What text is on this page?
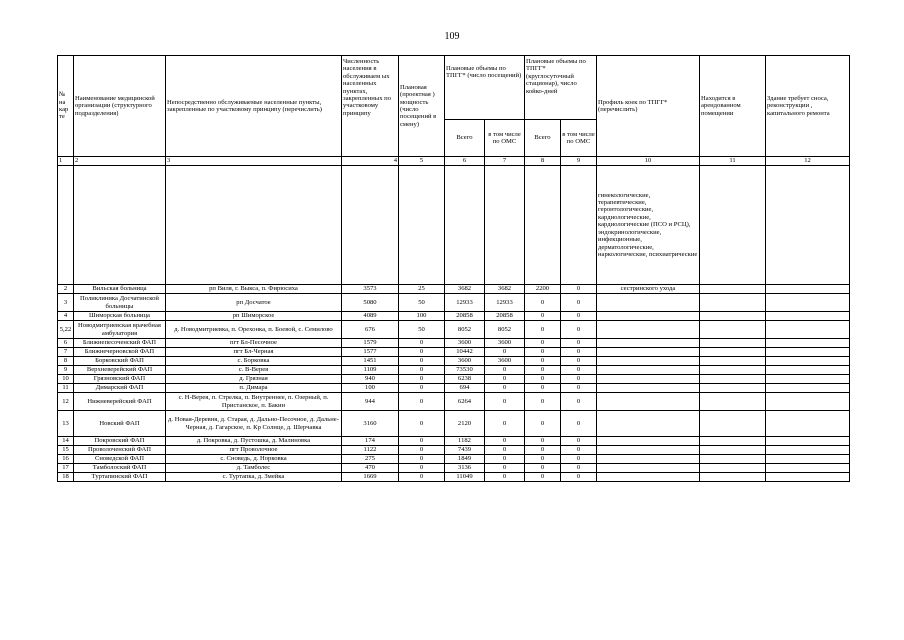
109
№ на кар те	Наименование медицинской организации (структурного подразделения)	Непосредственно обслуживаемые населенные пункты, закрепленные по участковому принципу (перечислить)	Численность населения в обслуживаем ых населенных пунктах, закрепленных по участковому принципу	Плановая (проектная ) мощность (число посещений в смену)	Плановые объемы по ТПГГ* (число посещений)		Плановые объемы по ТПГГ* (круглосуточный стационар), число койко-дней		Профиль коек по ТПГГ* (перечислить)	Находится в арендованном помещении	Здание требует сноса, реконструкции , капитального ремонта
					Всего	в том числе по ОМС	Всего	в том числе по ОМС			
1	2	3	4	5	6	7	8	9	10	11	12
									гинекологические, терапевтические, геронтологические, кардиологические, кардиологические (ПСО и РСЦ), эндокринологические, инфекционные, дерматологические, наркологические, психиатрические		
2	Вильская больница	рп Виля, г. Выкса, п. Фирюсиха	3573	25	3682	3682	2200	0	сестринского ухода		
3	Поликлиника Досчатинской больницы	рп Досчатое	5080	50	12933	12933	0	0			
4	Шиморская больница	рп Шиморское	4089	100	20858	20858	0	0			
5,22	Новодмитриевская врачебная амбулатория	д. Новодмитриевка, п. Орехонка, п. Боевой, с. Семилово	676	50	8052	8052	0	0			
6	Ближнепесоченский ФАП	пгт Бл-Песочное	1579	0	3600	3600	0	0			
7	Ближнечерновской ФАП	пгт Бл-Черная	1577	0	10442	0	0	0			
8	Борковский ФАП	с. Борковка	1451	0	3600	3600	0	0			
9	Верхневерейский ФАП	с. В-Верея	1109	0	73530	0	0	0			
10	Грязновский ФАП	д. Грязная	940	0	6238	0	0	0			
11	Димарский ФАП	п. Димара	100	0	694	0	0	0			
12	Нижневерейский ФАП	с. Н-Верея, п. Стрелка, п. Внутреннее, п. Озерный, п. Пристанское, п. Бакин	944	0	6264	0	0	0			
13	Новский ФАП	д. Новая-Деревня, д. Старая, д. Дально-Песочное, д. Дальне-Черная, д. Гагарское, п. Кр Солнце, д. Шерчавка	3160	0	2120	0	0	0			
14	Покровский ФАП	д. Покровка, д. Пустошка, д. Малиновка	174	0	1182	0	0	0			
15	Проволоченский ФАП	пгт Проволочное	1122	0	7439	0	0	0			
16	Сноведской ФАП	с. Сноведь, д. Норковка	275	0	1849	0	0	0			
17	Тамболоский ФАП	д. Тамболес	470	0	3136	0	0	0			
18	Туртапинский ФАП	с. Туртапка, д. Змейка	1669	0	11049	0	0	0			
